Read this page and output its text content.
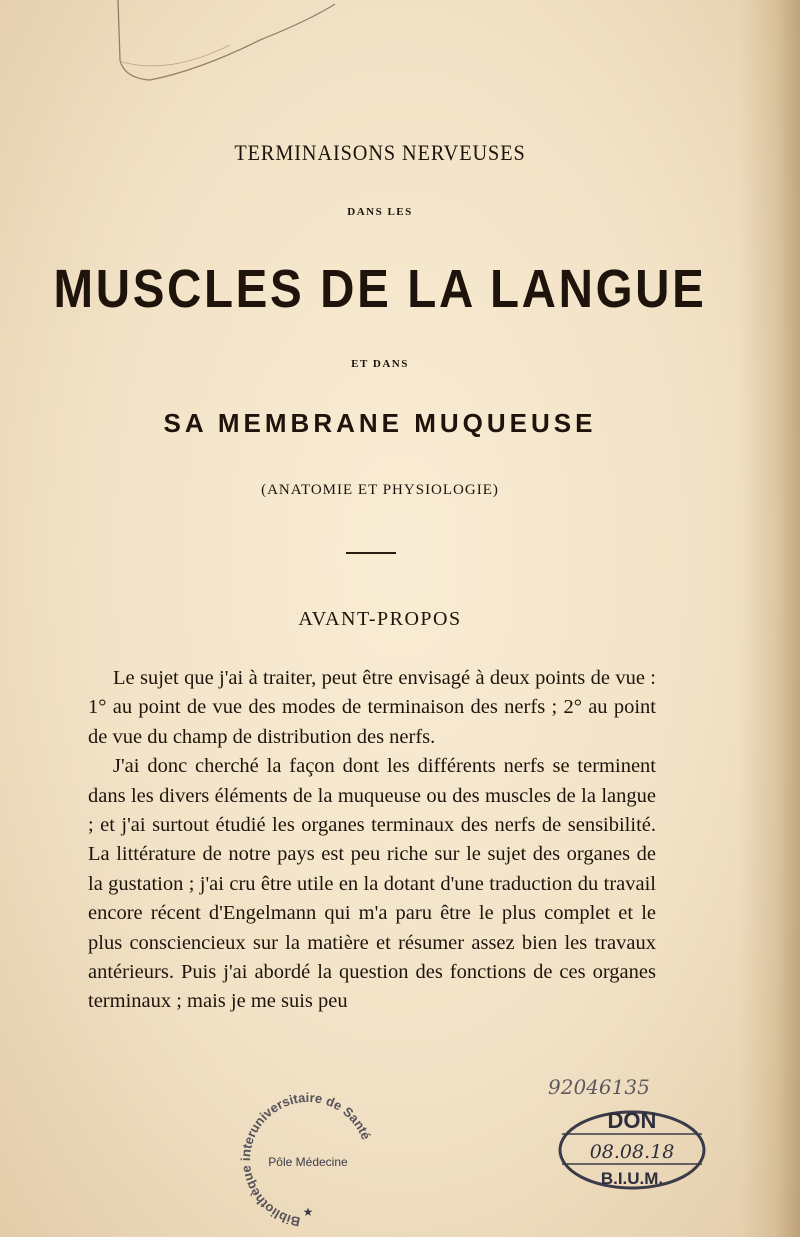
TERMINAISONS NERVEUSES
DANS LES
MUSCLES DE LA LANGUE
ET DANS
SA MEMBRANE MUQUEUSE
(ANATOMIE ET PHYSIOLOGIE)
AVANT-PROPOS

Le sujet que j'ai à traiter, peut être envisagé à deux points de vue : 1° au point de vue des modes de terminaison des nerfs ; 2° au point de vue du champ de distribution des nerfs.

J'ai donc cherché la façon dont les différents nerfs se terminent dans les divers éléments de la muqueuse ou des muscles de la langue ; et j'ai surtout étudié les organes terminaux des nerfs de sensibilité. La littérature de notre pays est peu riche sur le sujet des organes de la gustation ; j'ai cru être utile en la dotant d'une traduction du travail encore récent d'Engelmann qui m'a paru être le plus complet et le plus consciencieux sur la matière et résumer assez bien les travaux antérieurs. Puis j'ai abordé la question des fonctions de ces organes terminaux ; mais je me suis peu

Bibliothèque interuniversitaire de Santé
Pôle Médecine
★
92046135
DON
08.08.18
B.I.U.M.
